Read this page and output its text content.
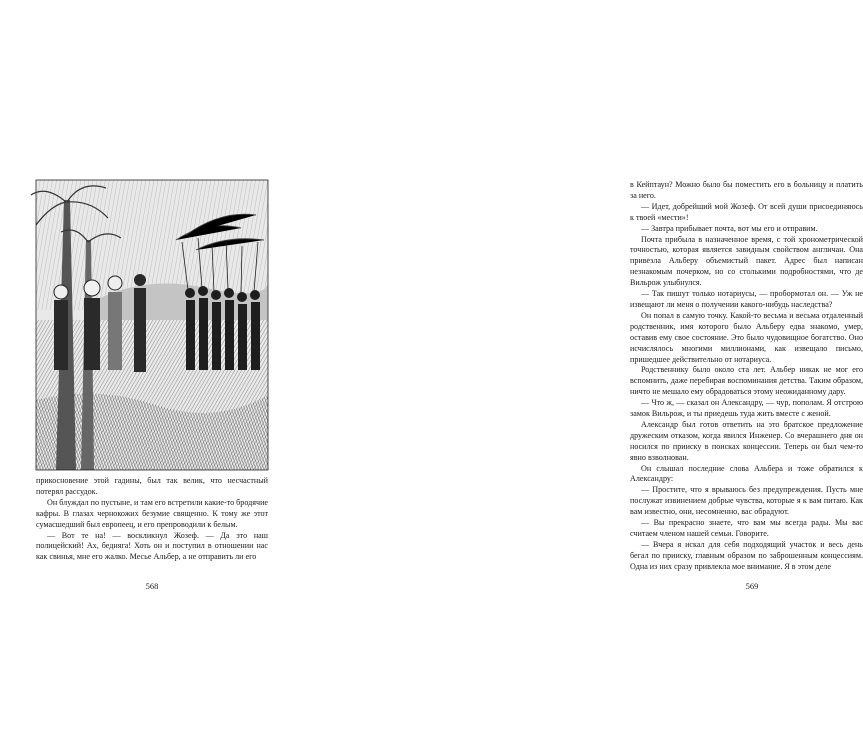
прикосновение этой гадины, был так велик, что несчастный потерял рассудок.

Он блуждал по пустыне, и там его встретили какие-то бродячие кафры. В глазах чернокожих безумие священно. К тому же этот сумасшедший был европеец, и его препроводили к белым.

— Вот те на! — воскликнул Жозеф. — Да это наш полицейский! Ах, бедняга! Хоть он и поступил в отношении нас как свинья, мне его жалко. Месье Альбер, а не отправить ли его

568

в Кейптаун? Можно было бы поместить его в больницу и платить за него.

— Идет, добрейший мой Жозеф. От всей души присоединяюсь к твоей «мести»!

— Завтра прибывает почта, вот мы его и отправим.

Почта прибыла в назначенное время, с той хронометрической точностью, которая является завидным свойством англичан. Она привезла Альберу объемистый пакет. Адрес был написан незнакомым почерком, но со столькими подробностями, что де Вильрож улыбнулся.

— Так пишут только нотариусы, — пробормотал он. — Уж не извещают ли меня о получении какого-нибудь наследства?

Он попал в самую точку. Какой-то весьма и весьма отдаленный родственник, имя которого было Альберу едва знакомо, умер, оставив ему свое состояние. Это было чудовищное богатство. Оно исчислялось многими миллионами, как извещало письмо, пришедшее действительно от нотариуса.

Родственнику было около ста лет. Альбер никак не мог его вспомнить, даже перебирая воспоминания детства. Таким образом, ничто не мешало ему обрадоваться этому неожиданному дару.

— Что ж, — сказал он Александру, — чур, пополам. Я отстрою замок Вильрож, и ты приедешь туда жить вместе с женой.

Александр был готов ответить на это братское предложение дружеским отказом, когда явился Инженер. Со вчерашнего дня он носился по прииску в поисках концессии. Теперь он был чем-то явно взволнован.

Он слышал последние слова Альбера и тоже обратился к Александру:

— Простите, что я врываюсь без предупреждения. Пусть мне послужат извинением добрые чувства, которые я к вам питаю. Как вам известно, они, несомненно, вас обрадуют.

— Вы прекрасно знаете, что вам мы всегда рады. Мы вас считаем членом нашей семьи. Говорите.

— Вчера я искал для себя подходящий участок и весь день бегал по прииску, главным образом по заброшенным концессиям. Одна из них сразу привлекла мое внимание. Я в этом деле

569
